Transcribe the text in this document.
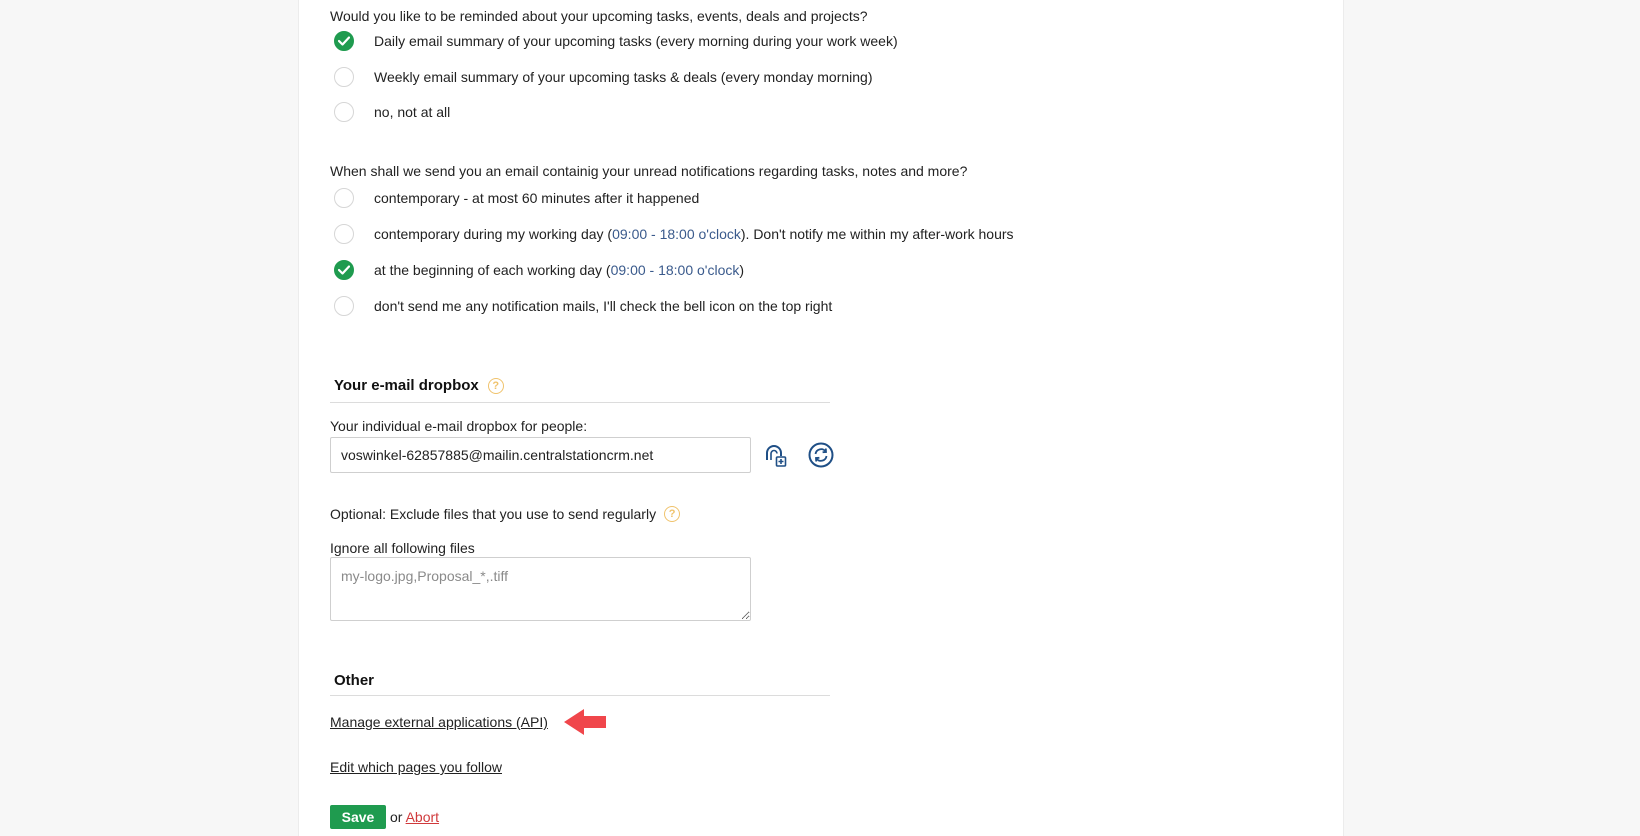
Would you like to be reminded about your upcoming tasks, events, deals and projects?
Daily email summary of your upcoming tasks (every morning during your work week)
Weekly email summary of your upcoming tasks & deals (every monday morning)
no, not at all
When shall we send you an email containig your unread notifications regarding tasks, notes and more?
contemporary - at most 60 minutes after it happened
contemporary during my working day (09:00 - 18:00 o'clock). Don't notify me within my after-work hours
at the beginning of each working day (09:00 - 18:00 o'clock)
don't send me any notification mails, I'll check the bell icon on the top right
Your e-mail dropbox	?
Your individual e-mail dropbox for people:
voswinkel-62857885@mailin.centralstationcrm.net
Optional: Exclude files that you use to send regularly	?
Ignore all following files
my-logo.jpg,Proposal_*,.tiff
Other
Manage external applications (API)
Edit which pages you follow
Save	or Abort
